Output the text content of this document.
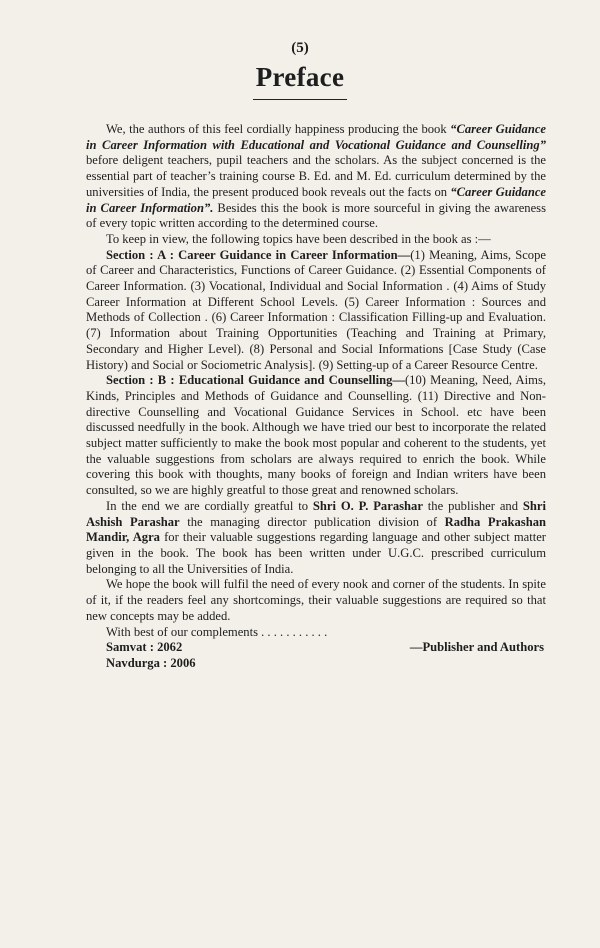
(5)
Preface

We, the authors of this feel cordially happiness producing the book “Career Guidance in Career Information with Educational and Vocational Guidance and Counselling” before deligent teachers, pupil teachers and the scholars. As the subject concerned is the essential part of teacher’s training course B. Ed. and M. Ed. curriculum determined by the universities of India, the present produced book reveals out the facts on “Career Guidance in Career Information”. Besides this the book is more sourceful in giving the awareness of every topic written according to the determined course.

To keep in view, the following topics have been described in the book as :—

Section : A : Career Guidance in Career Information—(1) Meaning, Aims, Scope of Career and Characteristics, Functions of Career Guidance. (2) Essential Components of Career Information. (3) Vocational, Individual and Social Information . (4) Aims of Study Career Information at Different School Levels. (5) Career Information : Sources and Methods of Collection . (6) Career Information : Classification Filling-up and Evaluation. (7) Information about Training Opportunities (Teaching and Training at Primary, Secondary and Higher Level). (8) Personal and Social Informations [Case Study (Case History) and Social or Sociometric Analysis]. (9) Setting-up of a Career Resource Centre.

Section : B : Educational Guidance and Counselling—(10) Meaning, Need, Aims, Kinds, Principles and Methods of Guidance and Counselling. (11) Directive and Non-directive Counselling and Vocational Guidance Services in School. etc have been discussed needfully in the book. Although we have tried our best to incorporate the related subject matter sufficiently to make the book most popular and coherent to the students, yet the valuable suggestions from scholars are always required to enrich the book. While covering this book with thoughts, many books of foreign and Indian writers have been consulted, so we are highly greatful to those great and renowned scholars.

In the end we are cordially greatful to Shri O. P. Parashar the publisher and Shri Ashish Parashar the managing director publication division of Radha Prakashan Mandir, Agra for their valuable suggestions regarding language and other subject matter given in the book. The book has been written under U.G.C. prescribed curriculum belonging to all the Universities of India.

We hope the book will fulfil the need of every nook and corner of the students. In spite of it, if the readers feel any shortcomings, their valuable suggestions are required so that new concepts may be added.

With best of our complements . . . . . . . . . . .

Samvat : 2062	—Publisher and Authors

Navdurga : 2006
